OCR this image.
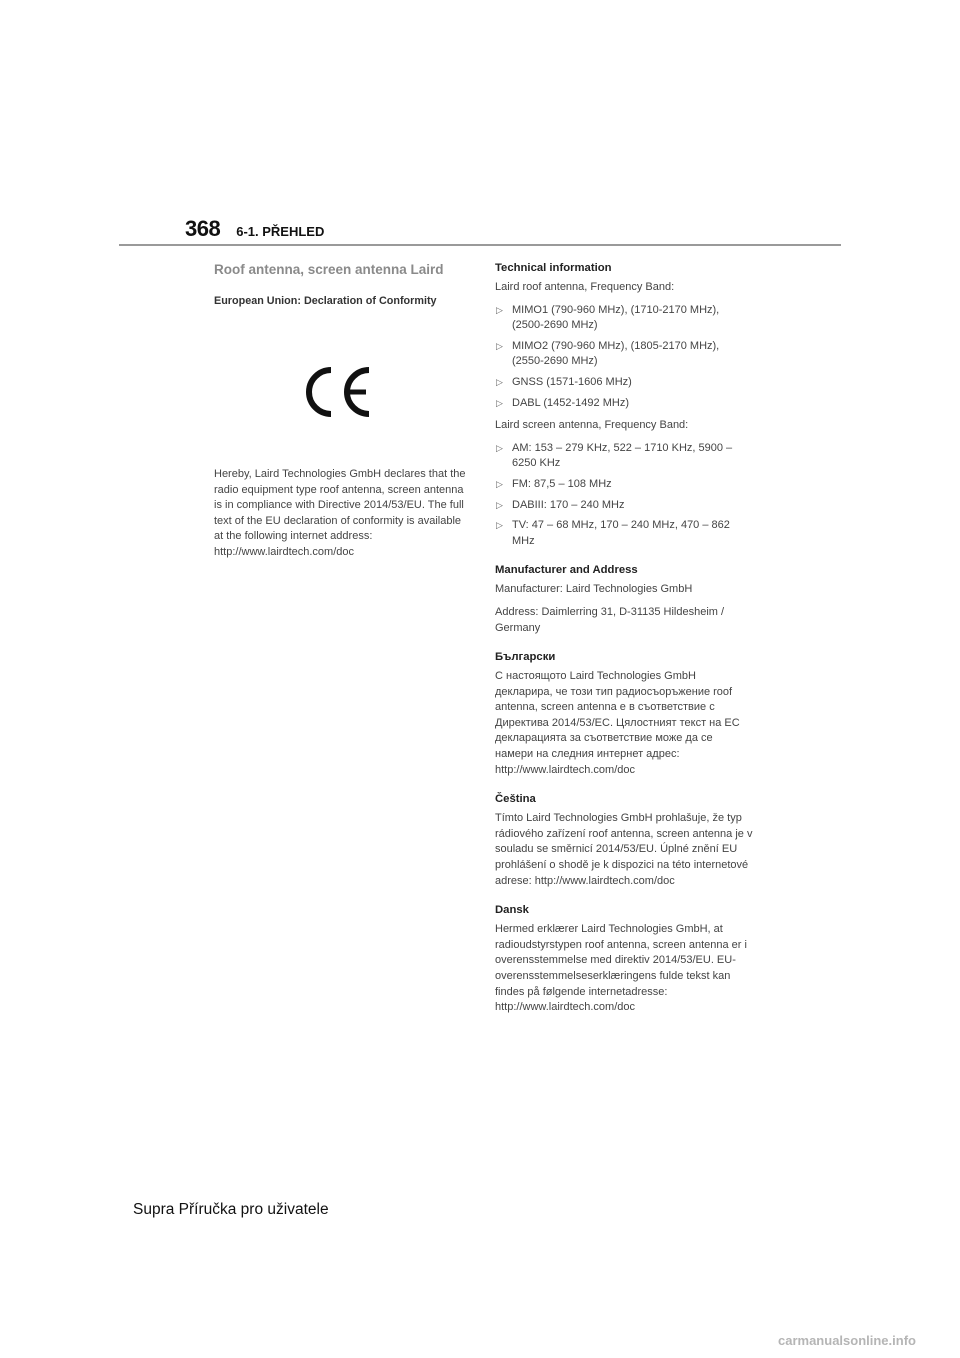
368 6-1. PŘEHLED
Roof antenna, screen antenna Laird
European Union: Declaration of Conformity

Hereby, Laird Technologies GmbH declares that the radio equipment type roof antenna, screen antenna is in compliance with Directive 2014/53/EU. The full text of the EU declaration of conformity is available at the following internet address: http://www.lairdtech.com/doc

Technical information

Laird roof antenna, Frequency Band:

▷ MIMO1 (790-960 MHz), (1710-2170 MHz), (2500-2690 MHz)
▷ MIMO2 (790-960 MHz), (1805-2170 MHz), (2550-2690 MHz)
▷ GNSS (1571-1606 MHz)
▷ DABL (1452-1492 MHz)

Laird screen antenna, Frequency Band:

▷ AM: 153 – 279 KHz, 522 – 1710 KHz, 5900 – 6250 KHz
▷ FM: 87,5 – 108 MHz
▷ DABIII: 170 – 240 MHz
▷ TV: 47 – 68 MHz, 170 – 240 MHz, 470 – 862 MHz
Manufacturer and Address

Manufacturer: Laird Technologies GmbH

Address: Daimlerring 31, D-31135 Hildesheim / Germany

Български

С настоящото Laird Technologies GmbH декларира, че този тип радиосъоръжение roof antenna, screen antenna е в съответствие с Директива 2014/53/ЕС. Цялостният текст на ЕС декларацията за съответствие може да се намери на следния интернет адрес: http://www.lairdtech.com/doc

Čeština

Tímto Laird Technologies GmbH prohlašuje, že typ rádiového zařízení roof antenna, screen antenna je v souladu se směrnicí 2014/53/EU. Úplné znění EU prohlášení o shodě je k dispozici na této internetové adrese: http://www.lairdtech.com/doc

Dansk

Hermed erklærer Laird Technologies GmbH, at radioudstyrstypen roof antenna, screen antenna er i overensstemmelse med direktiv 2014/53/EU. EU-overensstemmelseserklæringens fulde tekst kan findes på følgende internetadresse: http://www.lairdtech.com/doc

Supra Příručka pro uživatele
carmanualsonline.info
